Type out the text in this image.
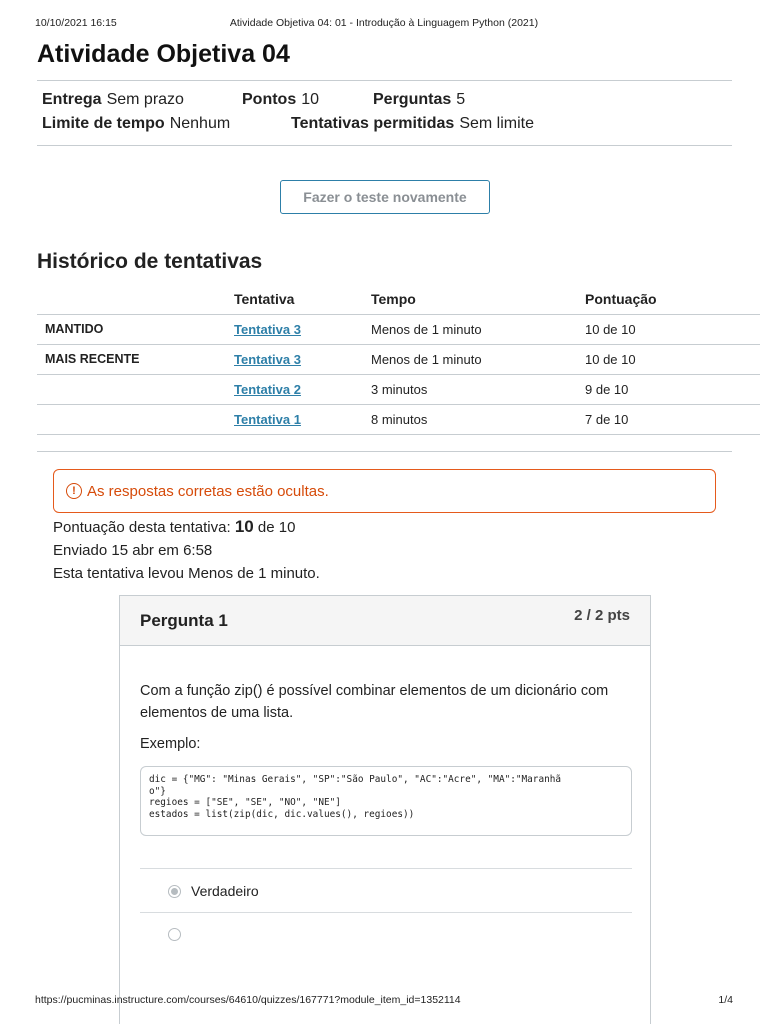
10/10/2021 16:15	Atividade Objetiva 04: 01 - Introdução à Linguagem Python (2021)
Atividade Objetiva 04
Entrega Sem prazo	Pontos 10	Perguntas 5
Limite de tempo Nenhum	Tentativas permitidas Sem limite
Fazer o teste novamente
Histórico de tentativas
	Tentativa	Tempo	Pontuação
MANTIDO	Tentativa 3	Menos de 1 minuto	10 de 10
MAIS RECENTE	Tentativa 3	Menos de 1 minuto	10 de 10
	Tentativa 2	3 minutos	9 de 10
	Tentativa 1	8 minutos	7 de 10
! As respostas corretas estão ocultas.
Pontuação desta tentativa: 10 de 10
Enviado 15 abr em 6:58
Esta tentativa levou Menos de 1 minuto.
Pergunta 1	2 / 2 pts
Com a função zip() é possível combinar elementos de um dicionário com elementos de uma lista.
Exemplo:
dic = {"MG": "Minas Gerais", "SP":"São Paulo", "AC":"Acre", "MA":"Maranhã
o"}
regioes = ["SE", "SE", "NO", "NE"]
estados = list(zip(dic, dic.values(), regioes))
Verdadeiro
https://pucminas.instructure.com/courses/64610/quizzes/167771?module_item_id=1352114	1/4
